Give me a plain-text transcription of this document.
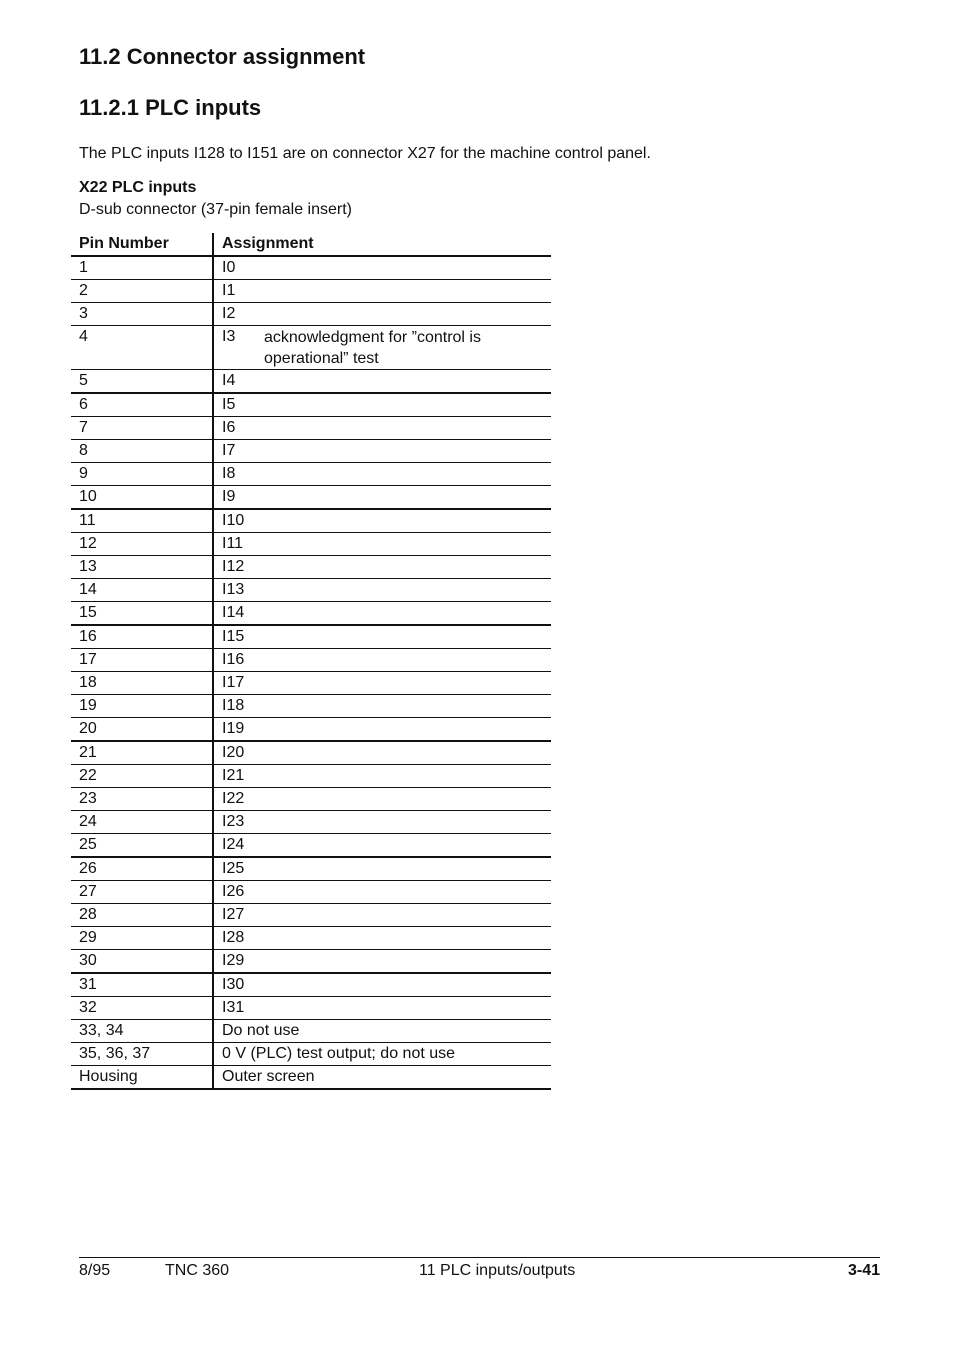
11.2 Connector assignment
11.2.1 PLC inputs
The PLC inputs I128 to I151 are on connector X27 for the machine control panel.
X22 PLC inputs
D-sub connector (37-pin female insert)
Pin Number	Assignment
1	I0
2	I1
3	I2
4	I3 acknowledgment for ”control is operational” test
5	I4
6	I5
7	I6
8	I7
9	I8
10	I9
11	I10
12	I11
13	I12
14	I13
15	I14
16	I15
17	I16
18	I17
19	I18
20	I19
21	I20
22	I21
23	I22
24	I23
25	I24
26	I25
27	I26
28	I27
29	I28
30	I29
31	I30
32	I31
33, 34	Do not use
35, 36, 37	0 V (PLC) test output; do not use
Housing	Outer screen
8/95	TNC 360	11 PLC inputs/outputs	3-41
